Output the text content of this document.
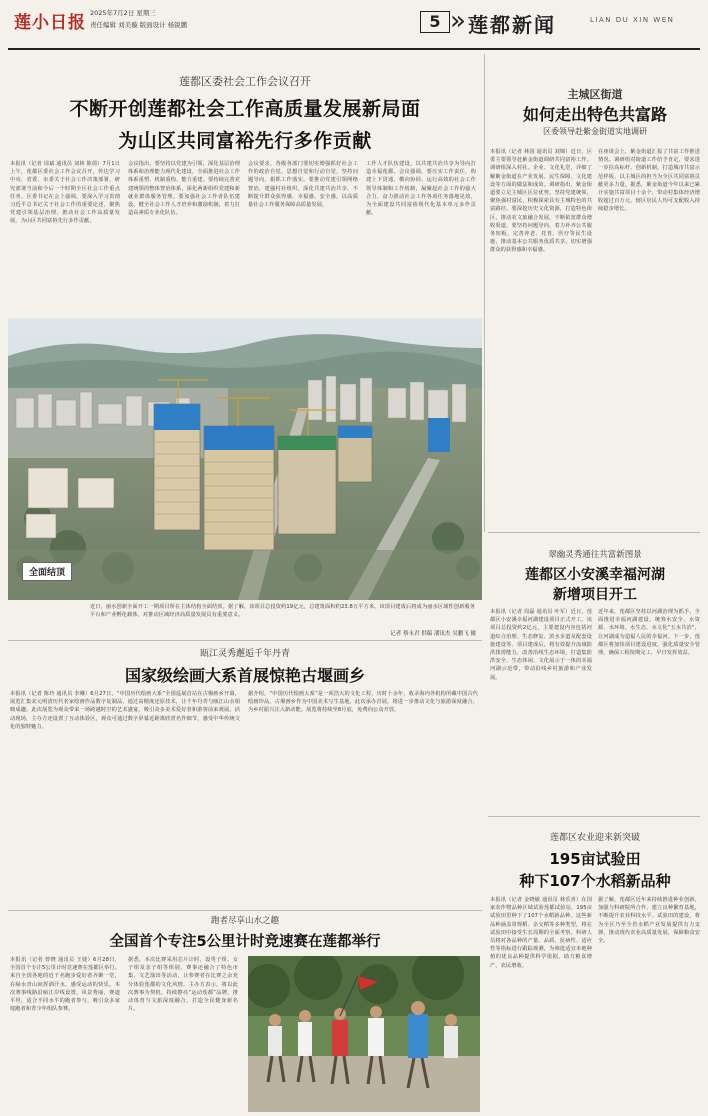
莲小日报 2025年7月2日 星期三
责任编辑 刘美璇 版面设计 杨锐鹏	5 » 莲都新闻	LIAN DU XIN WEN
莲都区委社会工作会议召开
不断开创莲都社会工作高质量发展新局面
为山区共同富裕先行多作贡献
本报讯（记者 周斌 通讯员 刘林 陈倩）7月1日上午，莲都区委社会工作会议召开，传达学习中央、省委、市委关于社会工作决策部署，研究部署当前和今后一个时期全区社会工作重点任务。区委书记在会上强调，要深入学习贯彻习近平总书记关于社会工作的重要论述，聚焦党建引领基层治理，推动社会工作高质量发展，为山区共同富裕先行多作贡献。
会议指出，要坚持以党建为引领，深化基层治理体系和治理能力现代化建设，全面推进社会工作体系重塑、机制重构、能力重建。要持续完善党建统领的整体智治体系，深化两新组织党建和新就业群体服务管理。要加强社会工作者队伍建设，健全社会工作人才培养和激励机制，着力打造高素质专业化队伍。
会议要求，各级各部门要切实增强抓好社会工作的政治自觉、思想自觉和行动自觉，坚持问题导向，狠抓工作落实。要推动党建引领网格智治，建强村社组织，深化共建共治共享，不断提升群众获得感、幸福感、安全感，以高质量社会工作服务保障高质量发展。
工作人才队伍建设，以共建共治共享为导向打造幸福莲都。会议强调，要压实工作责任，构建上下贯通、横向协同、运行高效的社会工作领导体制和工作机制，凝聚起社会工作的强大合力，奋力推动社会工作各项任务落地见效，为全面建设共同富裕现代化基本单元多作贡献。
全面结顶
近日，丽水创新全面开工一期项目所在主体结构全面结顶。据了解，该项目总投资约19亿元，总建筑面积约23.8万平方米。该项目建成后将成为丽水区域性创新服务平台和产业孵化载体，对推动区域经济高质量发展具有重要意义。
记者 蔡永君 供稿 潘讯杰 吴鹏飞 摄
主城区街道
如何走出特色共富路
区委领导赴紫金街道实地调研
本报讯（记者 林国 通讯员 刘锦）近日，区委主要领导赴紫金街道调研共同富裕工作。调研组深入村社、企业、文化礼堂，详细了解紫金街道在产业发展、民生保障、文化建设等方面的做法和成效。调研指出，紫金街道要立足主城区区位优势，坚持党建统领，聚焦强村富民，积极探索具有主城特色的共富路径。要深挖历史文化资源，打造特色街区，推动农文旅融合发展，不断拓宽群众增收渠道。要坚持问题导向，着力补齐公共服务短板，完善养老、托育、医疗等民生设施，推动基本公共服务优质共享，切实增强群众的获得感和幸福感。
在座谈会上，紫金街道汇报了共富工作推进情况。调研组对街道工作给予肯定，要求进一步拉高标杆、创新机制，打造城市共富示范样板，以主城区的担当为全区共同富裕贡献更多力量。据悉，紫金街道今年以来已累计实施共富项目十余个，带动村集体经济增收超过百万元，辖区居民人均可支配收入持续稳步增长。
翠幽灵秀通往共富新图景
莲都区小安溪幸福河湖
新增项目开工
本报讯（记者 周磊 通讯员 叶军）近日，莲都区小安溪幸福河湖建设项目正式开工。该项目总投资约2亿元，主要建设内容包括河道综合治理、生态修复、滨水步道及配套设施建设等。项目建成后，将有效提升流域防洪排涝能力，改善沿线生态环境，打造集防洪安全、生态休闲、文化展示于一体的幸福河湖示范带，带动沿线乡村旅游和产业发展。
近年来，莲都区坚持以河湖治理为抓手，全面推进幸福河湖建设，统筹水安全、水资源、水环境、水生态、水文化“五水共治”，让河湖成为造福人民的幸福河。下一步，莲都区将加快项目建设进度，强化质量安全管理，确保工程按期完工，早日发挥效益。
莲都区农业迎来新突破
195亩试验田
种下107个水稻新品种
本报讯（记者 金晓敏 通讯员 林乐喜）在国家农作物品种区域试验莲都试验站，195亩试验田里种下了107个水稻新品种。这些新品种涵盖常规稻、杂交稻等多种类型，将在试验田中接受生长周期的全面考察。科研人员将对各品种的产量、品质、抗病性、适应性等指标进行跟踪观测，为筛选适宜本地种植的优良品种提供科学依据，助力粮食增产、农民增收。
据了解，莲都区近年来持续推进种业创新，加强与科研院所合作，建立良种繁育基地，不断提升农业科技水平。试验田的建设，将为全区乃至全省水稻产业发展提供有力支撑，推动现代农业高质量发展，保障粮食安全。
瓯江灵秀邂逅千年丹青
国家级绘画大系首展惊艳古堰画乡
本报讯（记者 陈玲 通讯员 李琳）6月27日，“中国历代绘画大系”全国巡展首站在古堰画乡开幕，展览汇集宋元明清历代名家绘画作品数字复制品，通过高精度还原技术，让千年丹青与瓯江山水相映成趣。此次展览为观众带来一场跨越时空的艺术盛宴，吸引众多美术爱好者和游客前来观展。活动现场，主办方还设置了互动体验区，观众可通过数字屏幕近距离欣赏名作细节，感受中华传统文化的独特魅力。
据介绍，“中国历代绘画大系”是一项浩大的文化工程，历时十余年，收录海内外机构所藏中国古代绘画珍品。古堰画乡作为中国美术写生基地，此次承办首展，将进一步推动文化与旅游深度融合，为乡村振兴注入新动能。展览将持续至8月底，免费向公众开放。
跑者尽享山水之趣
全国首个专注5公里计时竞速赛在莲都举行
本报讯（记者 曾晓 通讯员 王婕）6月28日，全国首个专注5公里计时竞速赛在莲都区举行。来自全国各地的近千名跑步爱好者齐聚一堂，在绿水青山间挥洒汗水，感受运动的快乐。本次赛事线路沿瓯江岸线设置，风景秀丽，赛道平坦，适合不同水平的跑者参与，吸引众多家庭跑者和青少年组队参赛。
据悉，本次比赛采用芯片计时，设男子组、女子组及亲子组等组别，赛事还融合了特色市集、文艺演出等活动，让参赛者在比赛之余充分体验莲都的文化风情。主办方表示，将以此次赛事为契机，持续擦亮“运动莲都”品牌，推动体育与文旅深度融合，打造全民健身新名片。
